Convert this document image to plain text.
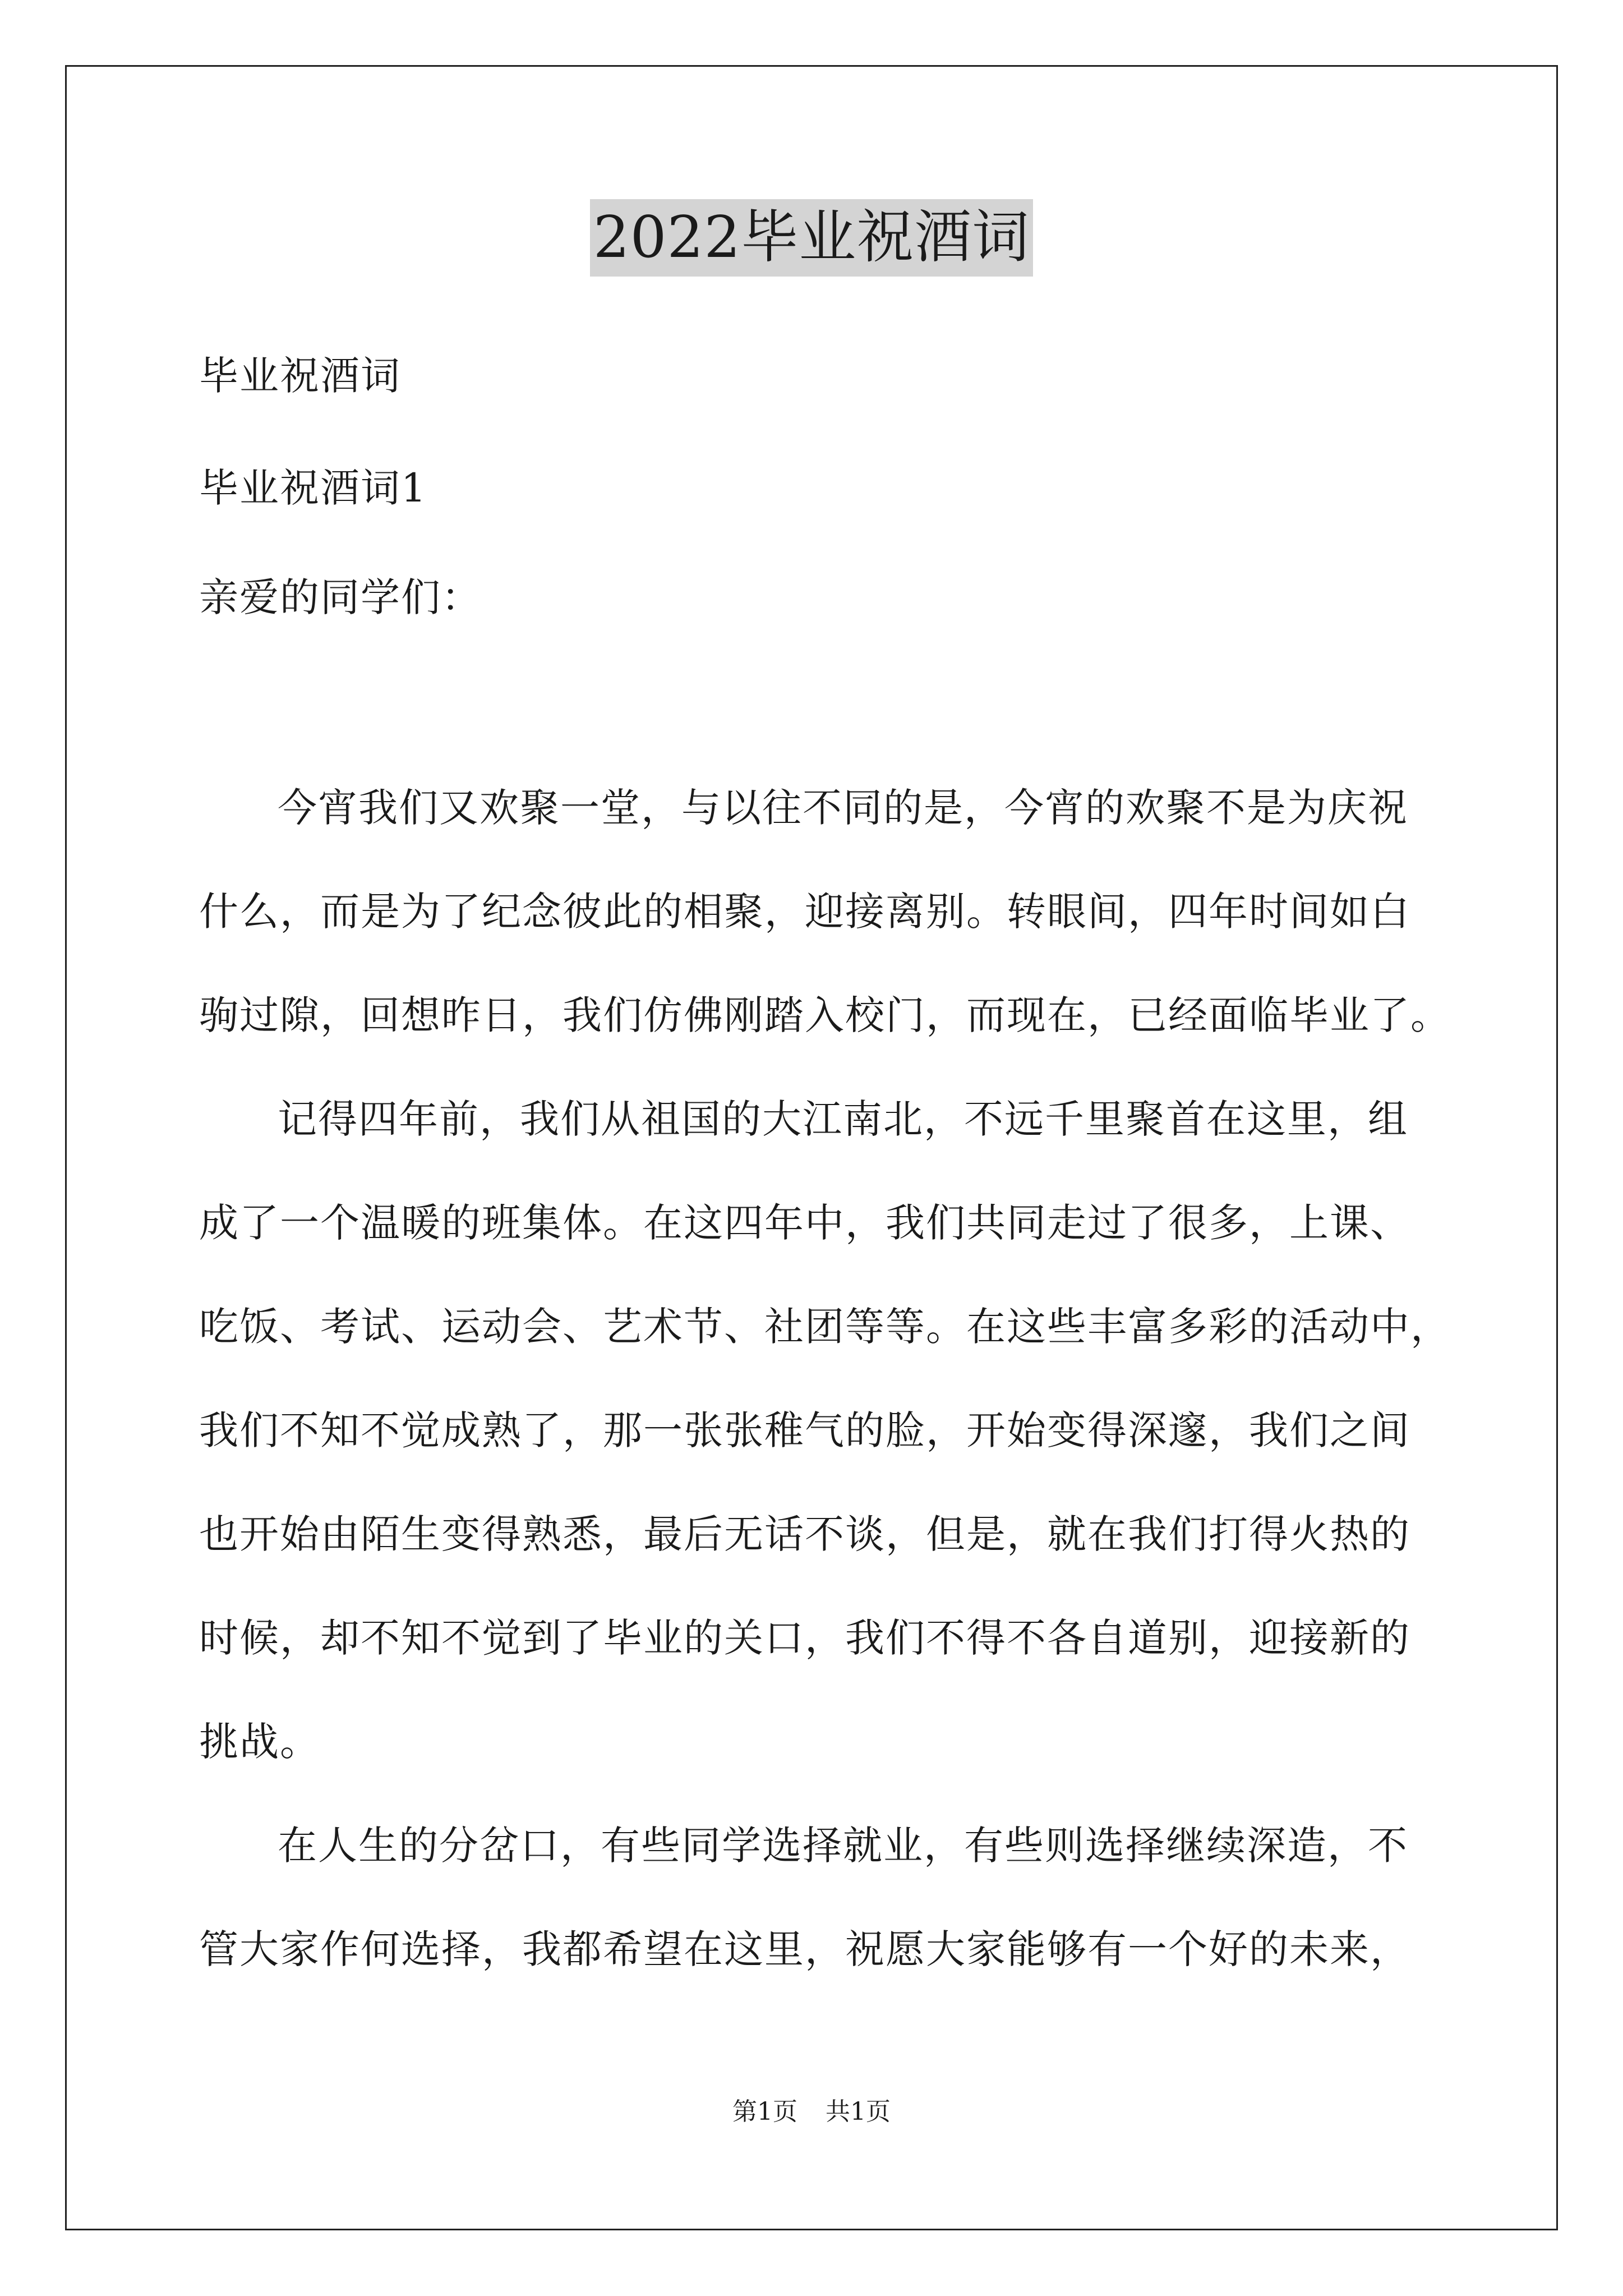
2022毕业祝酒词
毕业祝酒词
毕业祝酒词1
亲爱的同学们：
今宵我们又欢聚一堂，与以往不同的是，今宵的欢聚不是为庆祝
什么，而是为了纪念彼此的相聚，迎接离别。转眼间，四年时间如白
驹过隙，回想昨日，我们仿佛刚踏入校门，而现在，已经面临毕业了。
记得四年前，我们从祖国的大江南北，不远千里聚首在这里，组
成了一个温暖的班集体。在这四年中，我们共同走过了很多，上课、
吃饭、考试、运动会、艺术节、社团等等。在这些丰富多彩的活动中，
我们不知不觉成熟了，那一张张稚气的脸，开始变得深邃，我们之间
也开始由陌生变得熟悉，最后无话不谈，但是，就在我们打得火热的
时候，却不知不觉到了毕业的关口，我们不得不各自道别，迎接新的
挑战。
在人生的分岔口，有些同学选择就业，有些则选择继续深造，不
管大家作何选择，我都希望在这里，祝愿大家能够有一个好的未来，
第1页 共1页
